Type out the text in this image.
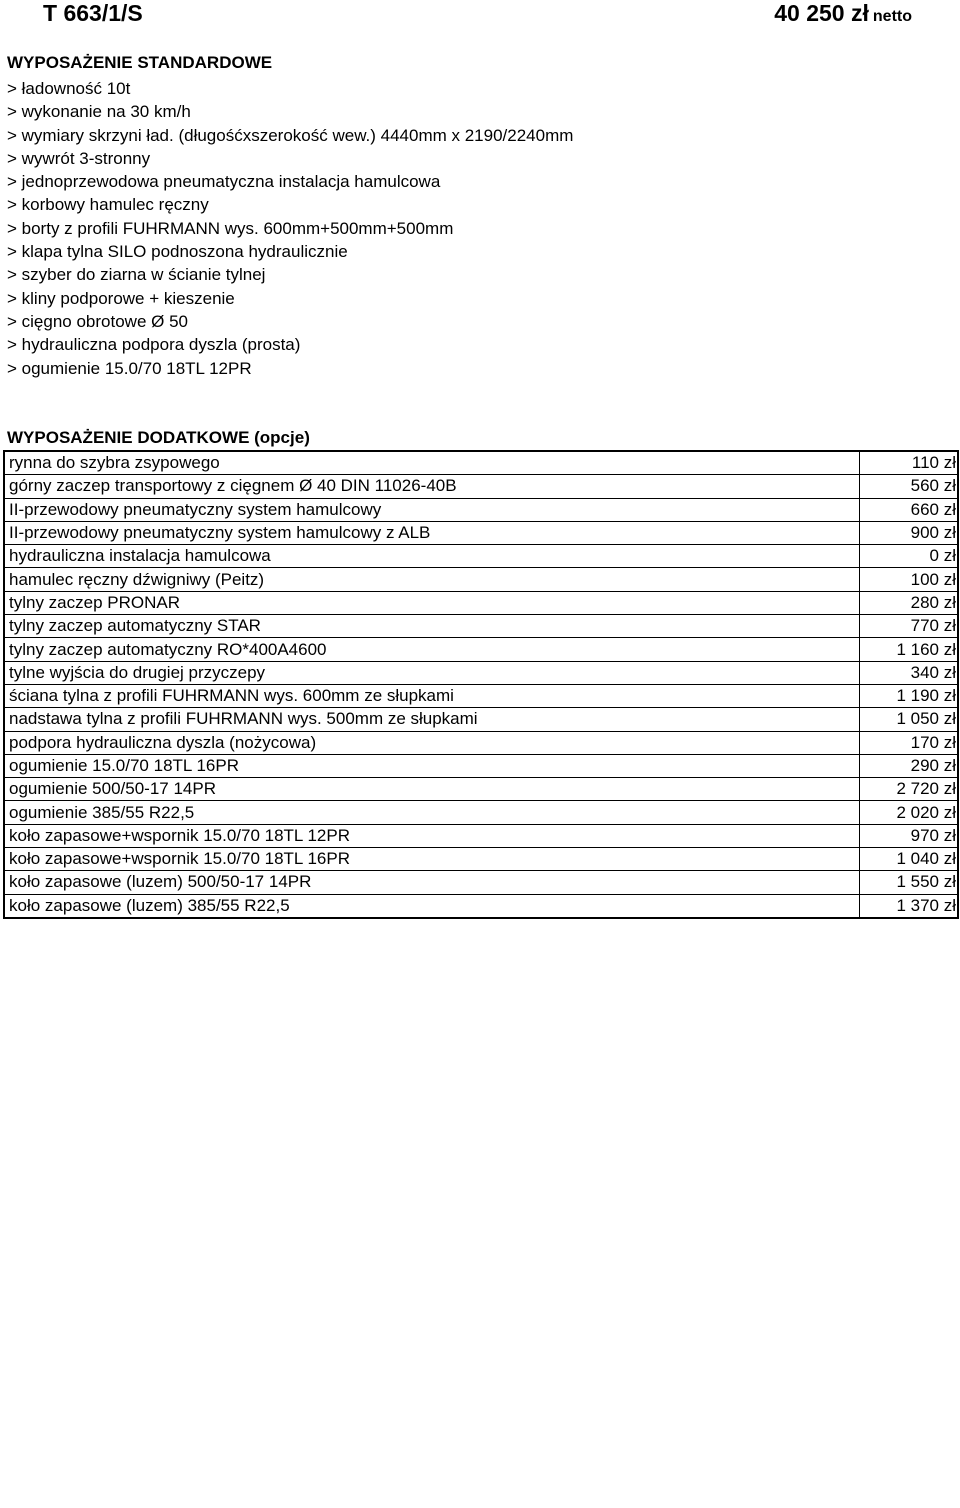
T 663/1/S	40 250 zł netto
WYPOSAŻENIE STANDARDOWE
> ładowność 10t
> wykonanie na 30 km/h
> wymiary skrzyni ład. (długośćxszerokość wew.) 4440mm x 2190/2240mm
> wywrót 3-stronny
> jednoprzewodowa pneumatyczna instalacja hamulcowa
> korbowy hamulec ręczny
> borty z profili FUHRMANN wys. 600mm+500mm+500mm
> klapa tylna SILO podnoszona hydraulicznie
> szyber do ziarna w ścianie tylnej
> kliny podporowe + kieszenie
> cięgno obrotowe Ø 50
> hydrauliczna podpora dyszla (prosta)
> ogumienie 15.0/70 18TL 12PR
WYPOSAŻENIE DODATKOWE (opcje)
rynna do szybra zsypowego	110 zł
górny zaczep transportowy z cięgnem Ø 40 DIN 11026-40B	560 zł
II-przewodowy pneumatyczny system hamulcowy	660 zł
II-przewodowy pneumatyczny system hamulcowy z ALB	900 zł
hydrauliczna instalacja hamulcowa	0 zł
hamulec ręczny dźwigniwy (Peitz)	100 zł
tylny zaczep PRONAR	280 zł
tylny zaczep automatyczny STAR	770 zł
tylny zaczep automatyczny RO*400A4600	1 160 zł
tylne wyjścia do drugiej przyczepy	340 zł
ściana tylna z profili FUHRMANN wys. 600mm ze słupkami	1 190 zł
nadstawa tylna z profili FUHRMANN wys. 500mm ze słupkami	1 050 zł
podpora hydrauliczna dyszla (nożycowa)	170 zł
ogumienie 15.0/70 18TL 16PR	290 zł
ogumienie 500/50-17 14PR	2 720 zł
ogumienie 385/55 R22,5	2 020 zł
koło zapasowe+wspornik 15.0/70 18TL 12PR	970 zł
koło zapasowe+wspornik 15.0/70 18TL 16PR	1 040 zł
koło zapasowe (luzem) 500/50-17 14PR	1 550 zł
koło zapasowe (luzem) 385/55 R22,5	1 370 zł
